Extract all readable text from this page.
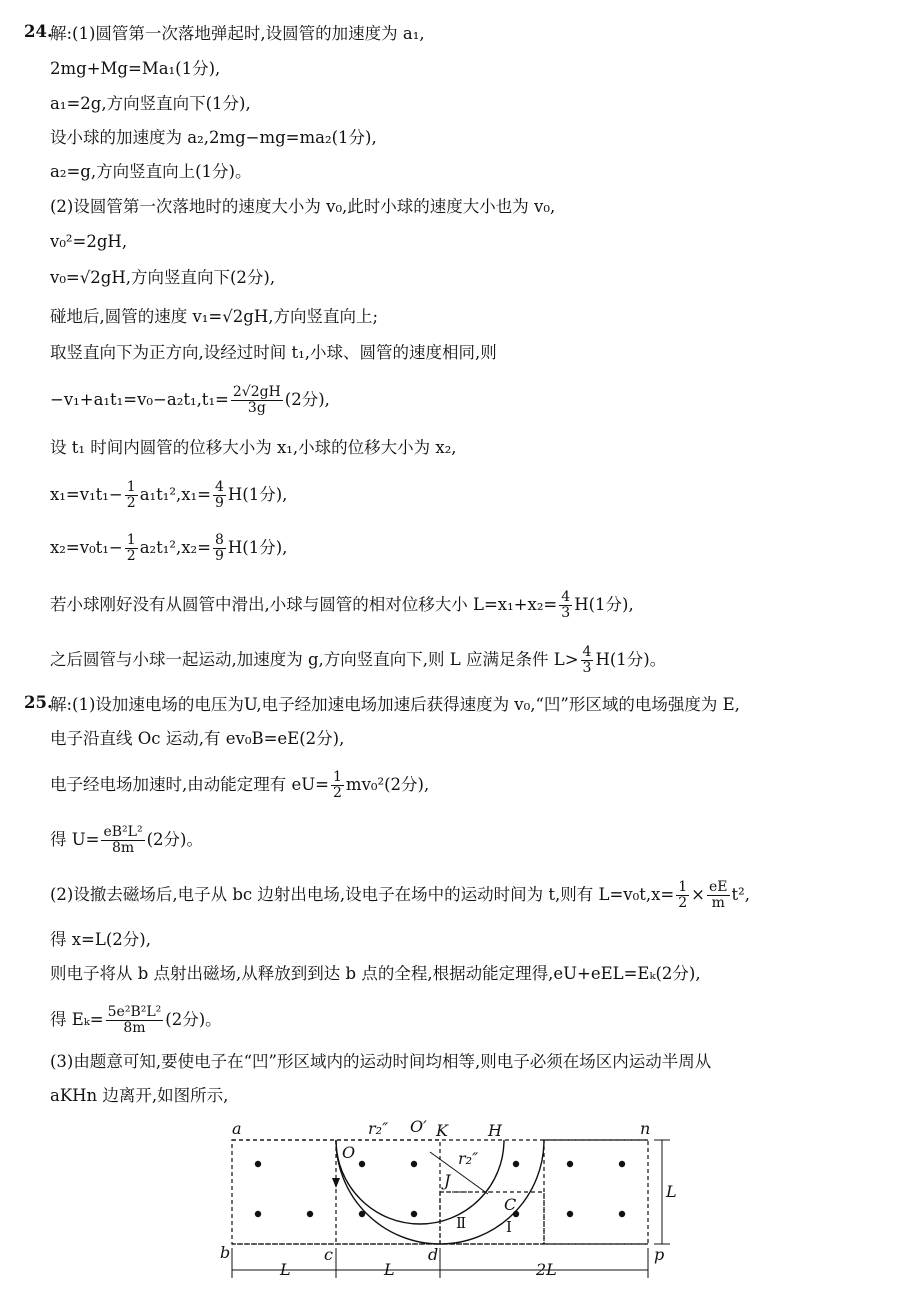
24.
解:(1)圆管第一次落地弹起时,设圆管的加速度为 a₁,
2mg+Mg=Ma₁(1分),
a₁=2g,方向竖直向下(1分),
设小球的加速度为 a₂,2mg−mg=ma₂(1分),
a₂=g,方向竖直向上(1分)。
(2)设圆管第一次落地时的速度大小为 v₀,此时小球的速度大小也为 v₀,
v₀²=2gH,
v₀=√2gH,方向竖直向下(2分),
碰地后,圆管的速度 v₁=√2gH,方向竖直向上;
取竖直向下为正方向,设经过时间 t₁,小球、圆管的速度相同,则
$-v_1+a_1t_1=v_0-a_2t_1,t_1= \frac{2√2gH}{3g} (2$分),
设 t₁ 时间内圆管的位移大小为 x₁,小球的位移大小为 x₂,
$x_1=v_1t_1- \frac{1}{2} a_1t_1^2,x_1= \frac{4}{9} H(1$分),
$x_2=v_0t_1- \frac{1}{2} a_2t_1^2,x_2= \frac{8}{9} H(1$分),
若小球刚好没有从圆管中滑出,小球与圆管的相对位移大小 $L=x_1+x_2= \frac{4}{3} H(1$分),
之后圆管与小球一起运动,加速度为 g,方向竖直向下,则 L 应满足条件 $L> \frac{4}{3} H(1$分)。
25.
解:(1)设加速电场的电压为U,电子经加速电场加速后获得速度为 v₀,“凹”形区域的电场强度为 E,
电子沿直线 Oc 运动,有 ev₀B=eE(2分),
电子经电场加速时,由动能定理有 $eU= \frac{1}{2} mv_0^2(2$分),
得 $U= \frac{\text{eB²L²}}{8m} (2$分)。
(2)设撤去磁场后,电子从 bc 边射出电场,设电子在场中的运动时间为 t,则有 $L=v_0t,x= \frac{1}{2} \times \frac{eE}{m} t^2$,
得 x=L(2分),
则电子将从 b 点射出磁场,从释放到到达 b 点的全程,根据动能定理得,eU+eEL=Eₖ(2分),
得 $E_k= \frac{\text{5e²B²L²}}{8m} (2$分)。
(3)由题意可知,要使电子在“凹”形区域内的运动时间均相等,则电子必须在场区内运动半周从
aKHn 边离开,如图所示,
a
b	c	d	p
n
O
O′ K	H
J
C
r₂″
r₂″
Ⅰ
Ⅱ
L	L	2L
L
